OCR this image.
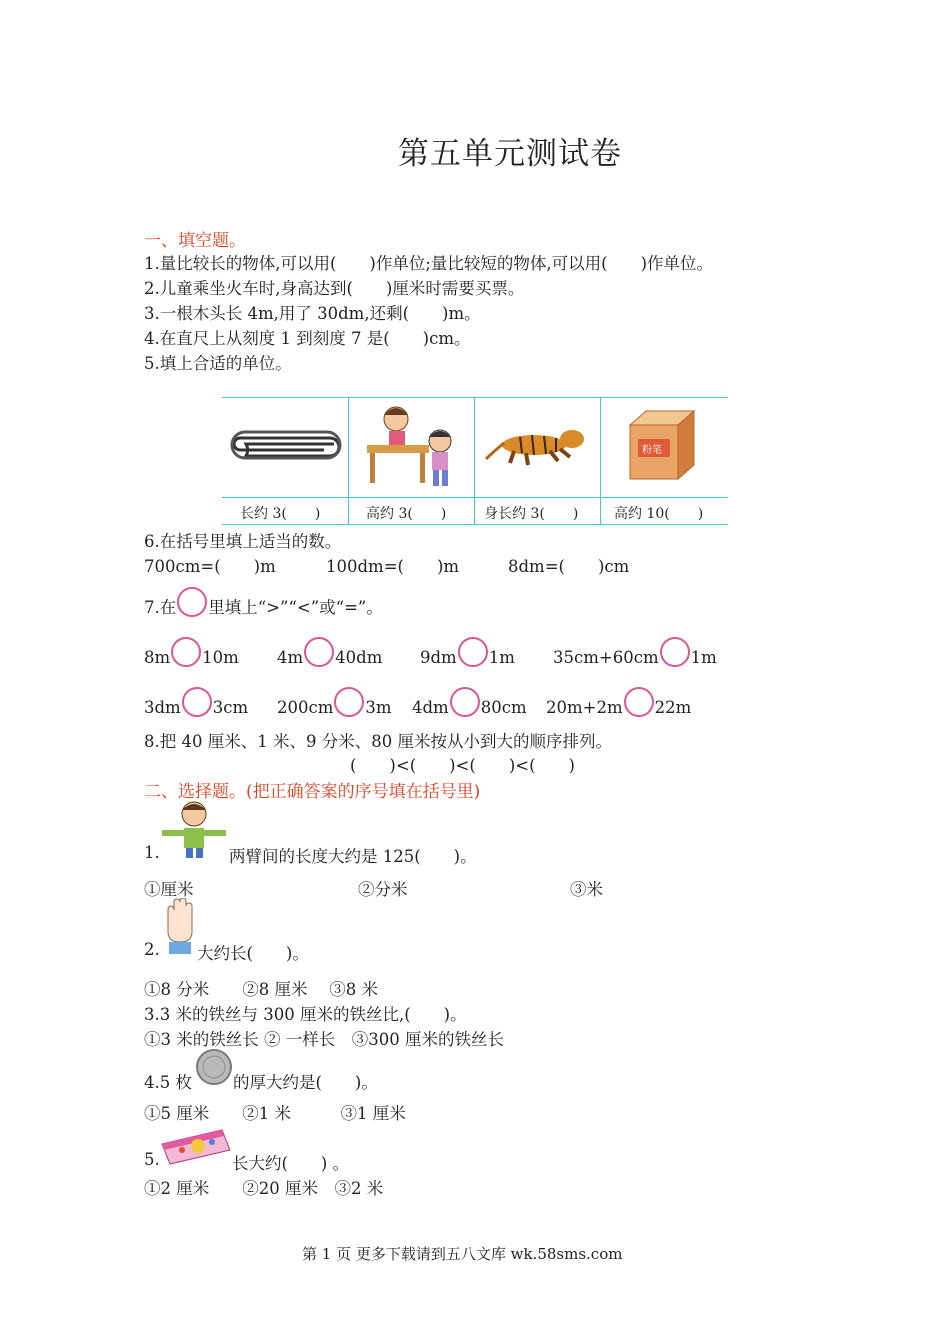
第五单元测试卷
一、填空题。
1.量比较长的物体,可以用(　　)作单位;量比较短的物体,可以用(　　)作单位。
2.儿童乘坐火车时,身高达到(　　)厘米时需要买票。
3.一根木头长 4m,用了 30dm,还剩(　　)m。
4.在直尺上从刻度 1 到刻度 7 是(　　)cm。
5.填上合适的单位。
粉笔
长约 3(　　)	高约 3(　　)	身长约 3(　　)	高约 10(　　)
6.在括号里填上适当的数。
700cm=(　　)m	100dm=(　　)m	8dm=(　　)cm
7.在 里填上“>”“<”或“=”。
8m 10m 4m 40dm 9dm 1m 35cm+60cm 1m
3dm 3cm 200cm 3m 4dm 80cm 20m+2m 22m
8.把 40 厘米、1 米、9 分米、80 厘米按从小到大的顺序排列。
(　　)<(　　)<(　　)<(　　)
二、选择题。(把正确答案的序号填在括号里)
1.	两臂间的长度大约是 125(　　)。
①厘米	②分米	③米
2. 大约长(　　)。
①8 分米　　②8 厘米　 ③8 米
3.3 米的铁丝与 300 厘米的铁丝比,(　　)。
①3 米的铁丝长 ② 一样长　③300 厘米的铁丝长
4.5 枚 的厚大约是(　　)。
①5 厘米　　②1 米　　　③1 厘米
5.	长大约(　　) 。
①2 厘米　　②20 厘米　③2 米
第 1 页 更多下载请到五八文库 wk.58sms.com
